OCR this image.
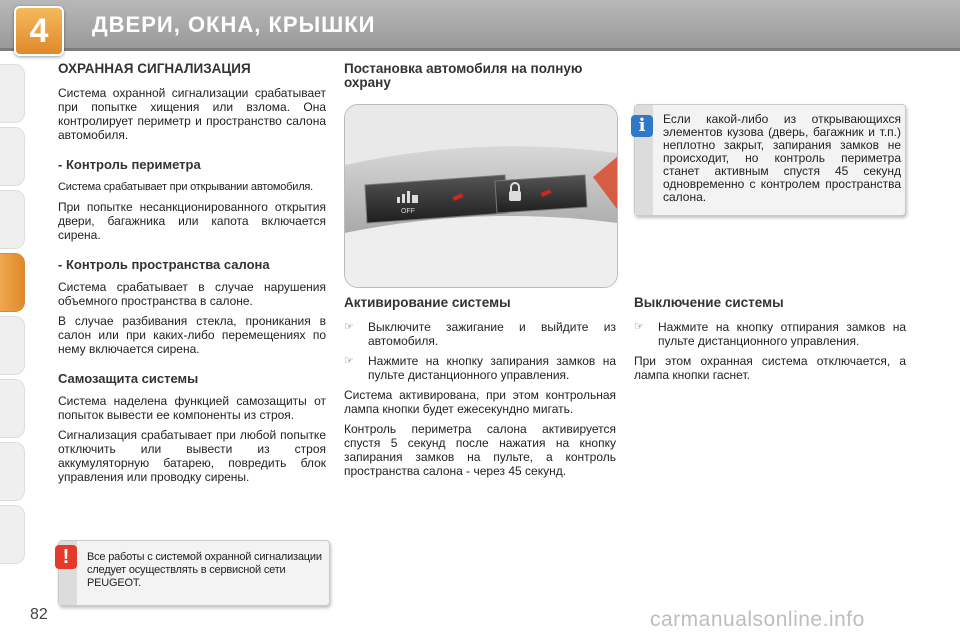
4	ДВЕРИ, ОКНА, КРЫШКИ
ОХРАННАЯ СИГНАЛИЗАЦИЯ

Система охранной сигнализации срабатывает при попытке хищения или взлома. Она контролирует периметр и пространство салона автомобиля.

- Контроль периметра

Система срабатывает при открывании автомобиля.

При попытке несанкционированного открытия двери, багажника или капота включается сирена.

- Контроль пространства салона

Система срабатывает в случае нарушения объемного пространства в салоне.

В случае разбивания стекла, проникания в салон или при каких-либо перемещениях по нему включается сирена.

Самозащита системы

Система наделена функцией самозащиты от попыток вывести ее компоненты из строя.

Сигнализация срабатывает при любой попытке отключить или вывести из строя аккумуляторную батарею, повредить блок управления или проводку сирены.

!	Все работы с системой охранной сигнализации следует осуществлять в сервисной сети PEUGEOT.
Постановка автомобиля на полную охрану
OFF
Активирование системы
☞	Выключите зажигание и выйдите из автомобиля.
☞	Нажмите на кнопку запирания замков на пульте дистанционного управления.

Система активирована, при этом контрольная лампа кнопки будет ежесекундно мигать.

Контроль периметра салона активируется спустя 5 секунд после нажатия на кнопку запирания замков на пульте, а контроль пространства салона - через 45 секунд.

i	Если какой-либо из открывающихся элементов кузова (дверь, багажник и т.п.) неплотно закрыт, запирания замков не происходит, но контроль периметра станет активным спустя 45 секунд одновременно с контролем пространства салона.
Выключение системы
☞	Нажмите на кнопку отпирания замков на пульте дистанционного управления.

При этом охранная система отключается, а лампа кнопки гаснет.

82	carmanualsonline.info
